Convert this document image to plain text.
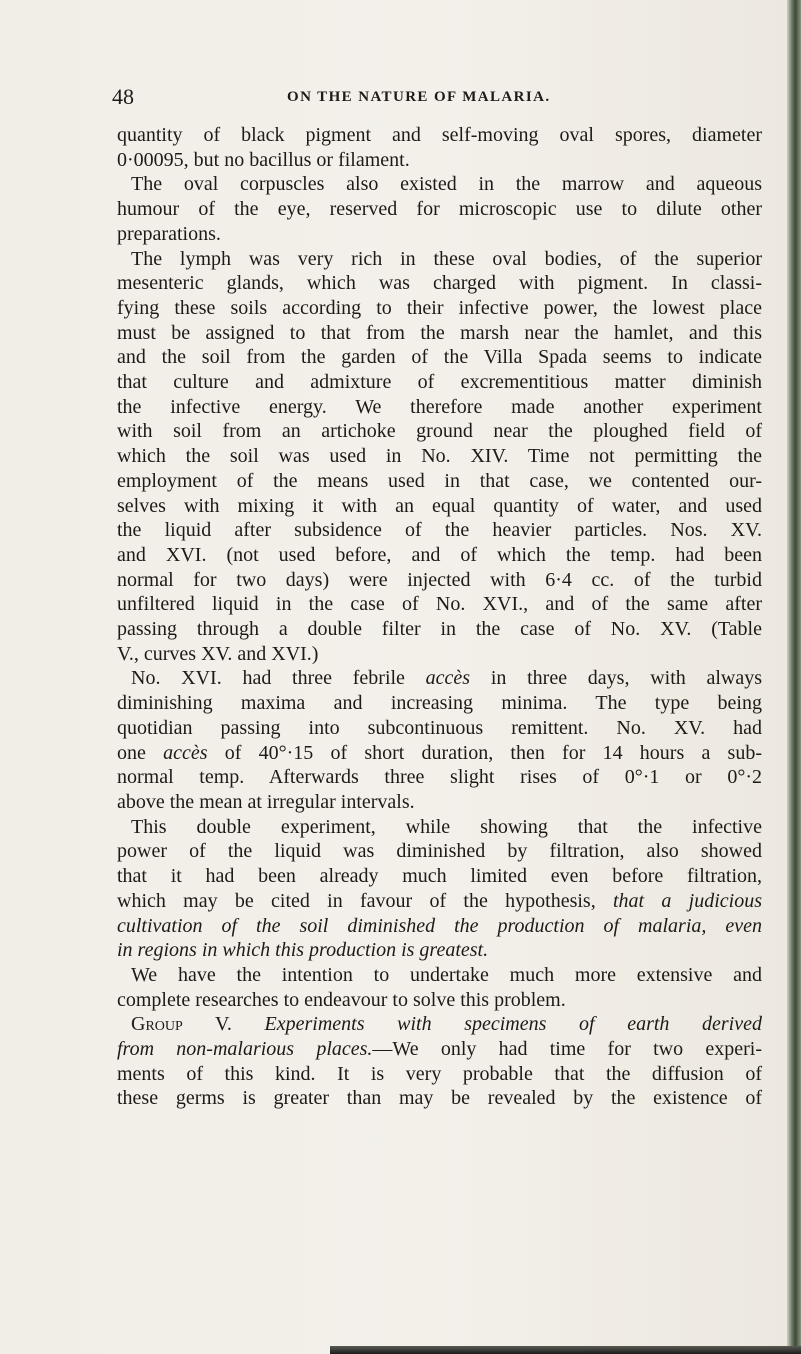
48	ON THE NATURE OF MALARIA.
quantity of black pigment and self-moving oval spores, diameter
0·00095, but no bacillus or filament.
The oval corpuscles also existed in the marrow and aqueous
humour of the eye, reserved for microscopic use to dilute other
preparations.
The lymph was very rich in these oval bodies, of the superior
mesenteric glands, which was charged with pigment. In classi-
fying these soils according to their infective power, the lowest place
must be assigned to that from the marsh near the hamlet, and this
and the soil from the garden of the Villa Spada seems to indicate
that culture and admixture of excrementitious matter diminish
the infective energy. We therefore made another experiment
with soil from an artichoke ground near the ploughed field of
which the soil was used in No. XIV. Time not permitting the
employment of the means used in that case, we contented our-
selves with mixing it with an equal quantity of water, and used
the liquid after subsidence of the heavier particles. Nos. XV.
and XVI. (not used before, and of which the temp. had been
normal for two days) were injected with 6·4 cc. of the turbid
unfiltered liquid in the case of No. XVI., and of the same after
passing through a double filter in the case of No. XV. (Table
V., curves XV. and XVI.)
No. XVI. had three febrile accès in three days, with always
diminishing maxima and increasing minima. The type being
quotidian passing into subcontinuous remittent. No. XV. had
one accès of 40°·15 of short duration, then for 14 hours a sub-
normal temp. Afterwards three slight rises of 0°·1 or 0°·2
above the mean at irregular intervals.
This double experiment, while showing that the infective
power of the liquid was diminished by filtration, also showed
that it had been already much limited even before filtration,
which may be cited in favour of the hypothesis, that a judicious
cultivation of the soil diminished the production of malaria, even
in regions in which this production is greatest.
We have the intention to undertake much more extensive and
complete researches to endeavour to solve this problem.
Group V. Experiments with specimens of earth derived
from non-malarious places.—We only had time for two experi-
ments of this kind. It is very probable that the diffusion of
these germs is greater than may be revealed by the existence of
